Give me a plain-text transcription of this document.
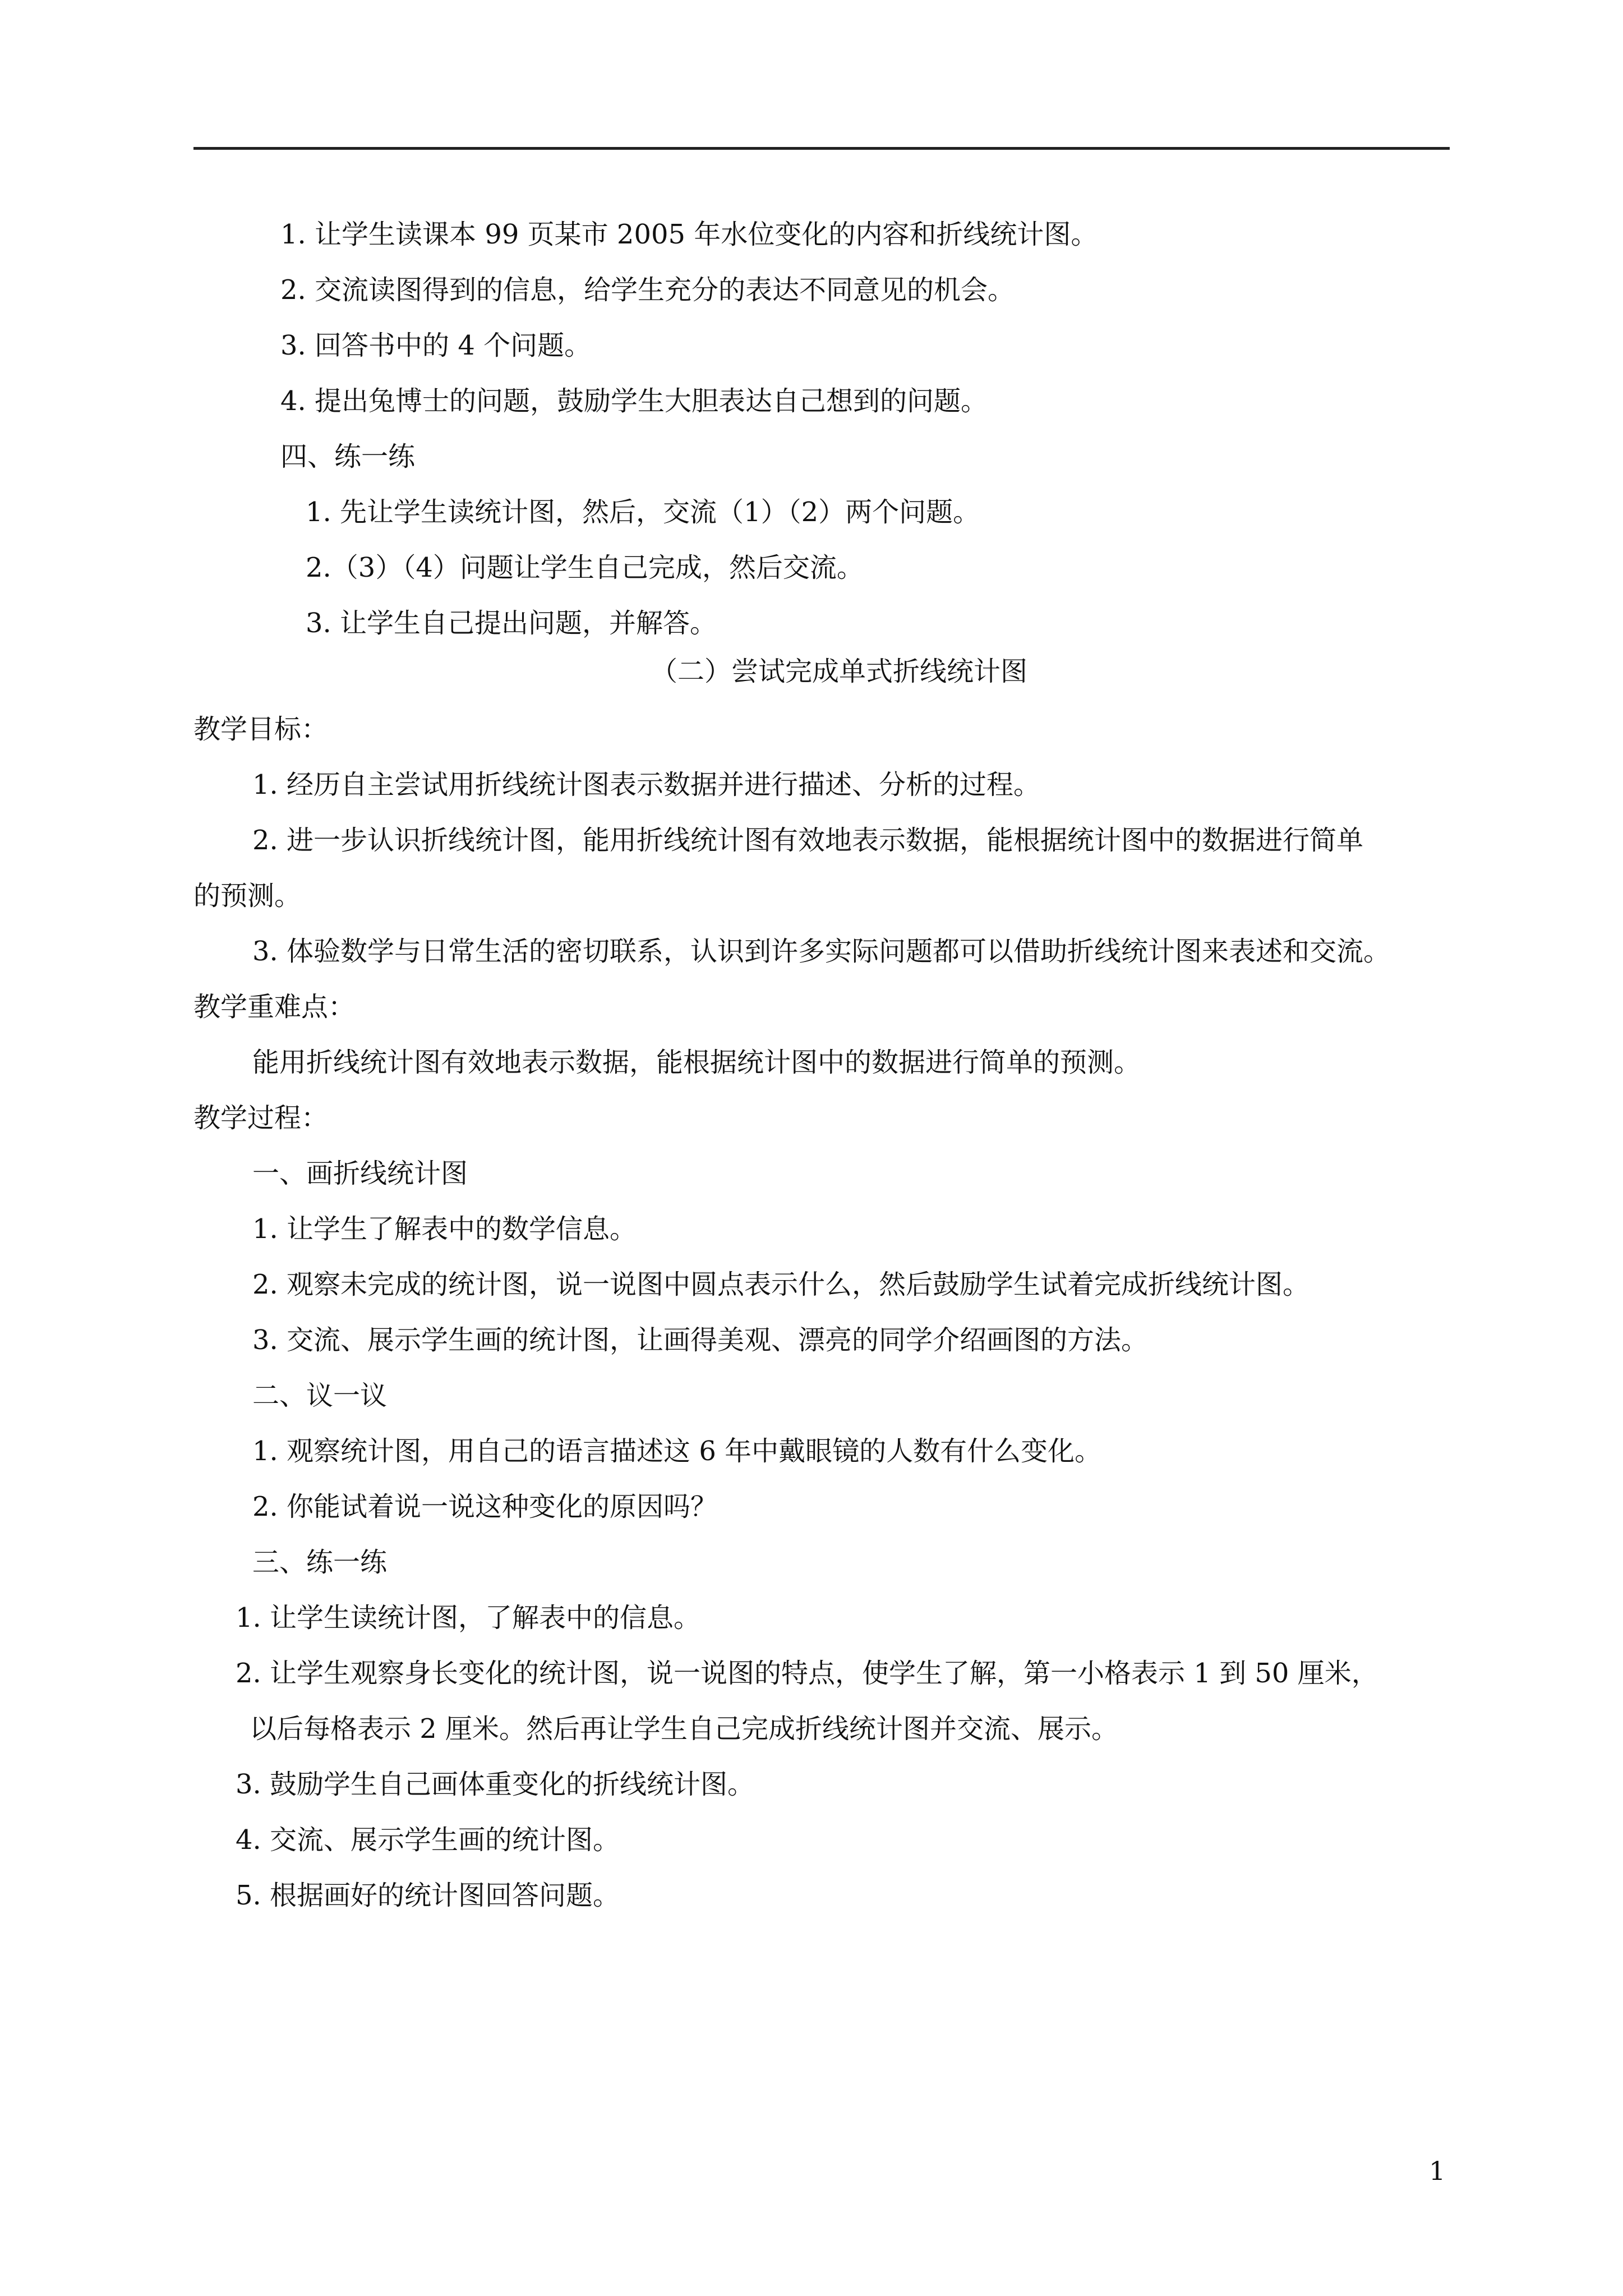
1. 让学生读课本 99 页某市 2005 年水位变化的内容和折线统计图。

2. 交流读图得到的信息，给学生充分的表达不同意见的机会。

3. 回答书中的 4 个问题。

4. 提出兔博士的问题，鼓励学生大胆表达自己想到的问题。

四、练一练

1. 先让学生读统计图，然后，交流（1）（2）两个问题。

2.（3）（4）问题让学生自己完成，然后交流。

3. 让学生自己提出问题，并解答。

（二）尝试完成单式折线统计图

教学目标：

1. 经历自主尝试用折线统计图表示数据并进行描述、分析的过程。

2. 进一步认识折线统计图，能用折线统计图有效地表示数据，能根据统计图中的数据进行简单

的预测。

3. 体验数学与日常生活的密切联系，认识到许多实际问题都可以借助折线统计图来表述和交流。

教学重难点：

能用折线统计图有效地表示数据，能根据统计图中的数据进行简单的预测。

教学过程：

一、画折线统计图

1. 让学生了解表中的数学信息。

2. 观察未完成的统计图，说一说图中圆点表示什么，然后鼓励学生试着完成折线统计图。

3. 交流、展示学生画的统计图，让画得美观、漂亮的同学介绍画图的方法。

二、议一议

1. 观察统计图，用自己的语言描述这 6 年中戴眼镜的人数有什么变化。

2. 你能试着说一说这种变化的原因吗？

三、练一练

1. 让学生读统计图，了解表中的信息。

2. 让学生观察身长变化的统计图，说一说图的特点，使学生了解，第一小格表示 1 到 50 厘米，

以后每格表示 2 厘米。然后再让学生自己完成折线统计图并交流、展示。

3. 鼓励学生自己画体重变化的折线统计图。

4. 交流、展示学生画的统计图。

5. 根据画好的统计图回答问题。

1
